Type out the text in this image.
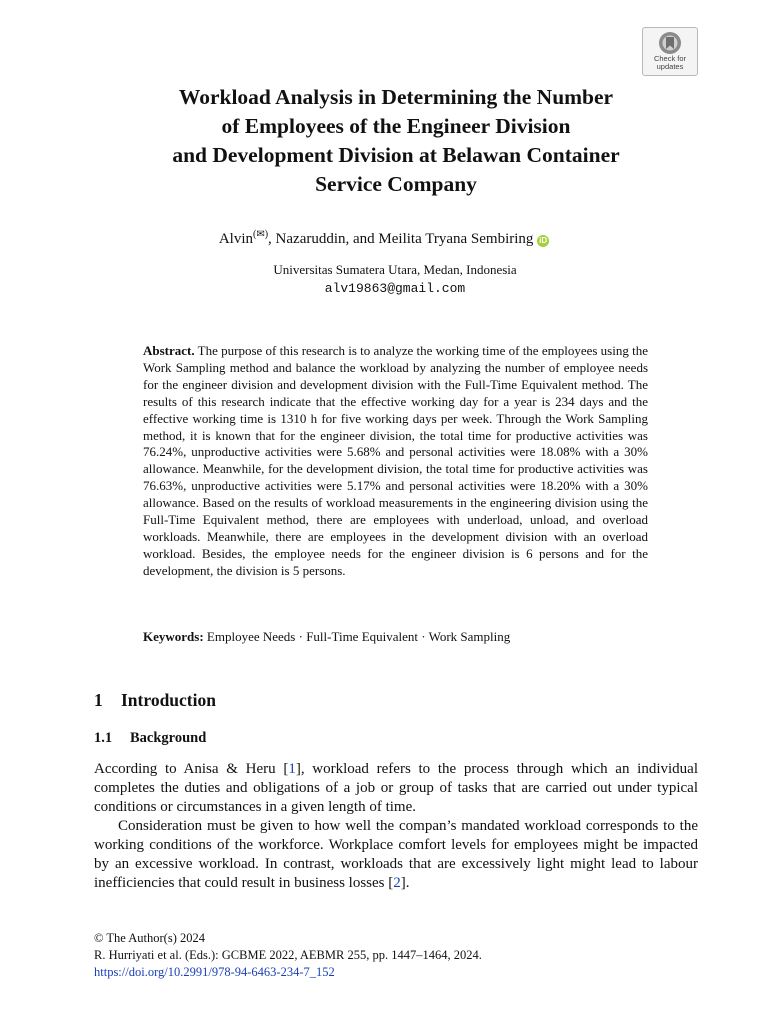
Check for
updates
Workload Analysis in Determining the Number
of Employees of the Engineer Division
and Development Division at Belawan Container
Service Company
Alvin(✉), Nazaruddin, and Meilita Tryana Sembiring iD
Universitas Sumatera Utara, Medan, Indonesia
alv19863@gmail.com

Abstract. The purpose of this research is to analyze the working time of the employees using the Work Sampling method and balance the workload by analyzing the number of employee needs for the engineer division and development division with the Full-Time Equivalent method. The results of this research indicate that the effective working day for a year is 234 days and the effective working time is 1310 h for five working days per week. Through the Work Sampling method, it is known that for the engineer division, the total time for productive activities was 76.24%, unproductive activities were 5.68% and personal activities were 18.08% with a 30% allowance. Meanwhile, for the development division, the total time for productive activities was 76.63%, unproductive activities were 5.17% and personal activities were 18.20% with a 30% allowance. Based on the results of workload measurements in the engineering division using the Full-Time Equivalent method, there are employees with underload, unload, and overload workloads. Meanwhile, there are employees in the development division with an overload workload. Besides, the employee needs for the engineer division is 6 persons and for the development, the division is 5 persons.

Keywords: Employee Needs · Full-Time Equivalent · Work Sampling
1 Introduction
1.1 Background

According to Anisa & Heru [1], workload refers to the process through which an individual completes the duties and obligations of a job or group of tasks that are carried out under typical conditions or circumstances in a given length of time.

Consideration must be given to how well the compan’s mandated workload corresponds to the working conditions of the workforce. Workplace comfort levels for employees might be impacted by an excessive workload. In contrast, workloads that are excessively light might lead to labour inefficiencies that could result in business losses [2].

© The Author(s) 2024
R. Hurriyati et al. (Eds.): GCBME 2022, AEBMR 255, pp. 1447–1464, 2024.
https://doi.org/10.2991/978-94-6463-234-7_152
